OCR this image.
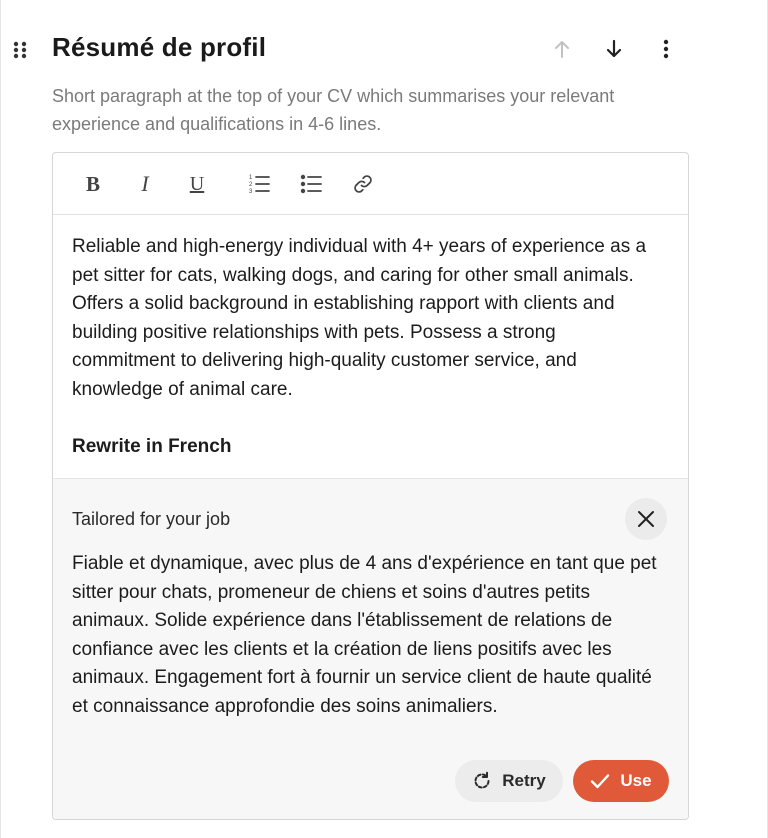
Résumé de profil
Short paragraph at the top of your CV which summarises your relevant experience and qualifications in 4-6 lines.
B I U	1
2
3

Reliable and high-energy individual with 4+ years of experience as a pet sitter for cats, walking dogs, and caring for other small animals. Offers a solid background in establishing rapport with clients and building positive relationships with pets. Possess a strong commitment to delivering high-quality customer service, and knowledge of animal care.

Rewrite in French

Tailored for your job
Fiable et dynamique, avec plus de 4 ans d'expérience en tant que pet sitter pour chats, promeneur de chiens et soins d'autres petits animaux. Solide expérience dans l'établissement de relations de confiance avec les clients et la création de liens positifs avec les animaux. Engagement fort à fournir un service client de haute qualité et connaissance approfondie des soins animaliers.
Retry	Use
